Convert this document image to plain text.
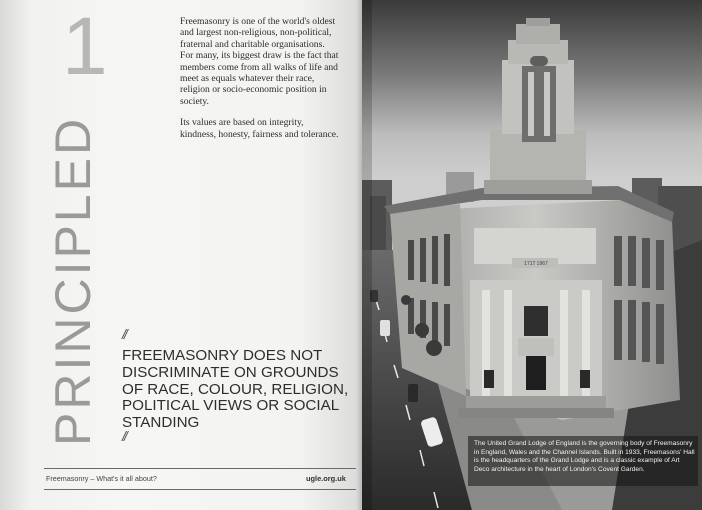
1	Freemasonry is one of the world's oldest and largest non-religious, non-political, fraternal and charitable organisations. For many, its biggest draw is the fact that members come from all walks of life and meet as equals whatever their race, religion or socio-economic position in society.

Its values are based on integrity, kindness, honesty, fairness and tolerance.

PRINCIPLED //
FREEMASONRY DOES NOT DISCRIMINATE ON GROUNDS OF RACE, COLOUR, RELIGION, POLITICAL VIEWS OR SOCIAL STANDING
//
Freemasonry – What's it all about?	ugle.org.uk
1717 1967
The United Grand Lodge of England is the governing body of Freemasonry in England, Wales and the Channel Islands. Built in 1933, Freemasons' Hall is the headquarters of the Grand Lodge and is a classic example of Art Deco architecture in the heart of London's Covent Garden.
